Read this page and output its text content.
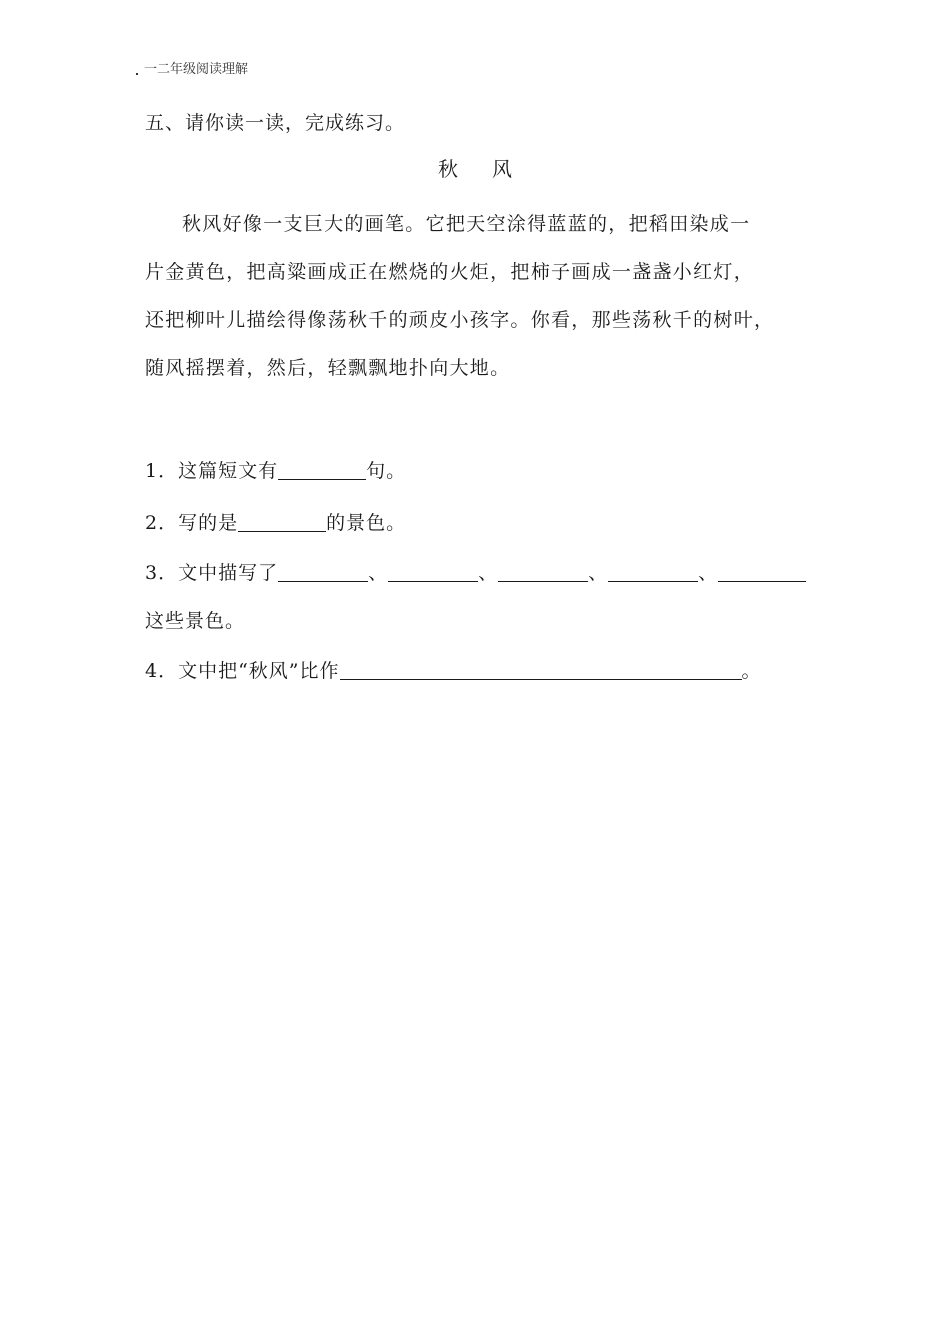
一二年级阅读理解
五、请你读一读，完成练习。
秋 风
秋风好像一支巨大的画笔。它把天空涂得蓝蓝的，把稻田染成一
片金黄色，把高粱画成正在燃烧的火炬，把柿子画成一盏盏小红灯，
还把柳叶儿描绘得像荡秋千的顽皮小孩字。你看，那些荡秋千的树叶，
随风摇摆着，然后，轻飘飘地扑向大地。
1．这篇短文有	句。
2．写的是	的景色。
3．文中描写了	、	、	、	、
这些景色。
4．文中把“秋风”比作	。
